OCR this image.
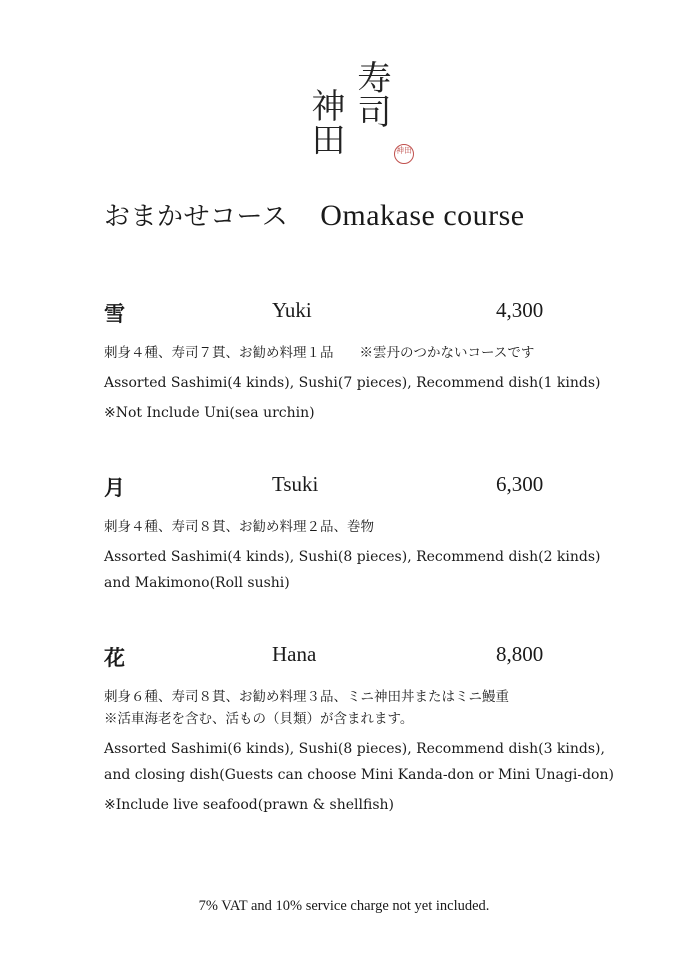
寿司
神田	神田
おまかせコース Omakase course
雪	Yuki	4,300
刺身４種、寿司７貫、お勧め料理１品 ※雲丹のつかないコースです
Assorted Sashimi(4 kinds), Sushi(7 pieces), Recommend dish(1 kinds)
※Not Include Uni(sea urchin)
月	Tsuki	6,300
刺身４種、寿司８貫、お勧め料理２品、巻物
Assorted Sashimi(4 kinds), Sushi(8 pieces), Recommend dish(2 kinds)
and Makimono(Roll sushi)
花	Hana	8,800
刺身６種、寿司８貫、お勧め料理３品、ミニ神田丼またはミニ鰻重
※活車海老を含む、活もの（貝類）が含まれます。
Assorted Sashimi(6 kinds), Sushi(8 pieces), Recommend dish(3 kinds),
and closing dish(Guests can choose Mini Kanda-don or Mini Unagi-don)
※Include live seafood(prawn & shellfish)
7% VAT and 10% service charge not yet included.
